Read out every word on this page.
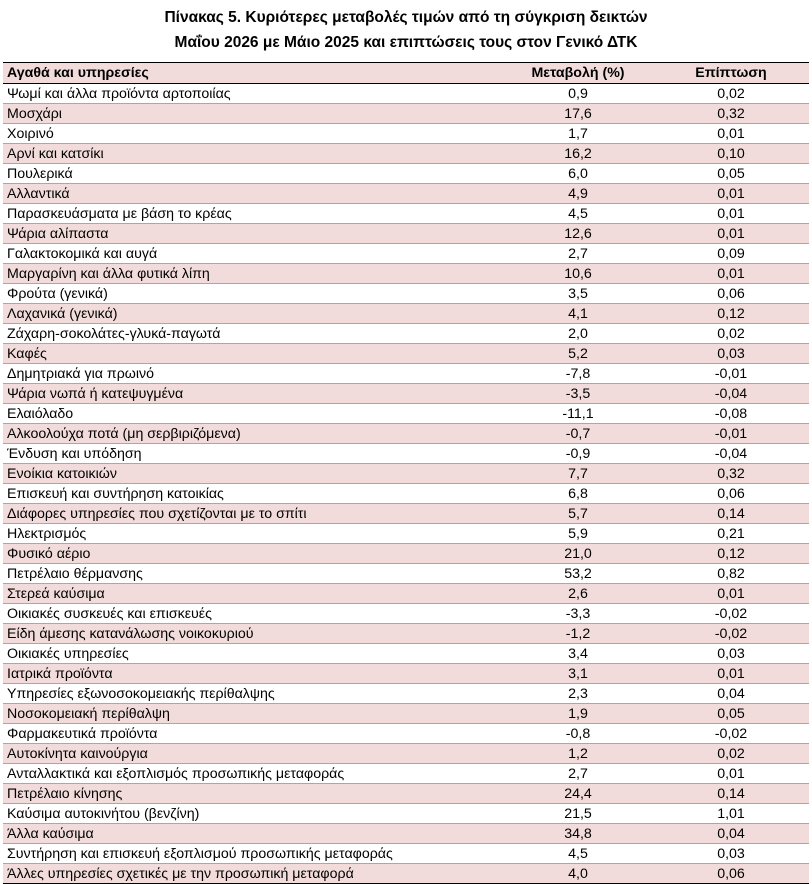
Πίνακας 5. Κυριότερες μεταβολές τιμών από τη σύγκριση δεικτών
Μαΐου 2026 με Μάιο 2025 και επιπτώσεις τους στον Γενικό ΔΤΚ
Αγαθά και υπηρεσίες	Μεταβολή (%)	Επίπτωση
Ψωμί και άλλα προϊόντα αρτοποιίας	0,9	0,02
Μοσχάρι	17,6	0,32
Χοιρινό	1,7	0,01
Αρνί και κατσίκι	16,2	0,10
Πουλερικά	6,0	0,05
Αλλαντικά	4,9	0,01
Παρασκευάσματα με βάση το κρέας	4,5	0,01
Ψάρια αλίπαστα	12,6	0,01
Γαλακτοκομικά και αυγά	2,7	0,09
Μαργαρίνη και άλλα φυτικά λίπη	10,6	0,01
Φρούτα (γενικά)	3,5	0,06
Λαχανικά (γενικά)	4,1	0,12
Ζάχαρη-σοκολάτες-γλυκά-παγωτά	2,0	0,02
Καφές	5,2	0,03
Δημητριακά για πρωινό	-7,8	-0,01
Ψάρια νωπά ή κατεψυγμένα	-3,5	-0,04
Ελαιόλαδο	-11,1	-0,08
Αλκοολούχα ποτά (μη σερβιριζόμενα)	-0,7	-0,01
Ένδυση και υπόδηση	-0,9	-0,04
Ενοίκια κατοικιών	7,7	0,32
Επισκευή και συντήρηση κατοικίας	6,8	0,06
Διάφορες υπηρεσίες που σχετίζονται με το σπίτι	5,7	0,14
Ηλεκτρισμός	5,9	0,21
Φυσικό αέριο	21,0	0,12
Πετρέλαιο θέρμανσης	53,2	0,82
Στερεά καύσιμα	2,6	0,01
Οικιακές συσκευές και επισκευές	-3,3	-0,02
Είδη άμεσης κατανάλωσης νοικοκυριού	-1,2	-0,02
Οικιακές υπηρεσίες	3,4	0,03
Ιατρικά προϊόντα	3,1	0,01
Υπηρεσίες εξωνοσοκομειακής περίθαλψης	2,3	0,04
Νοσοκομειακή περίθαλψη	1,9	0,05
Φαρμακευτικά προϊόντα	-0,8	-0,02
Αυτοκίνητα καινούργια	1,2	0,02
Ανταλλακτικά και εξοπλισμός προσωπικής μεταφοράς	2,7	0,01
Πετρέλαιο κίνησης	24,4	0,14
Καύσιμα αυτοκινήτου (βενζίνη)	21,5	1,01
Άλλα καύσιμα	34,8	0,04
Συντήρηση και επισκευή εξοπλισμού προσωπικής μεταφοράς	4,5	0,03
Άλλες υπηρεσίες σχετικές με την προσωπική μεταφορά	4,0	0,06
